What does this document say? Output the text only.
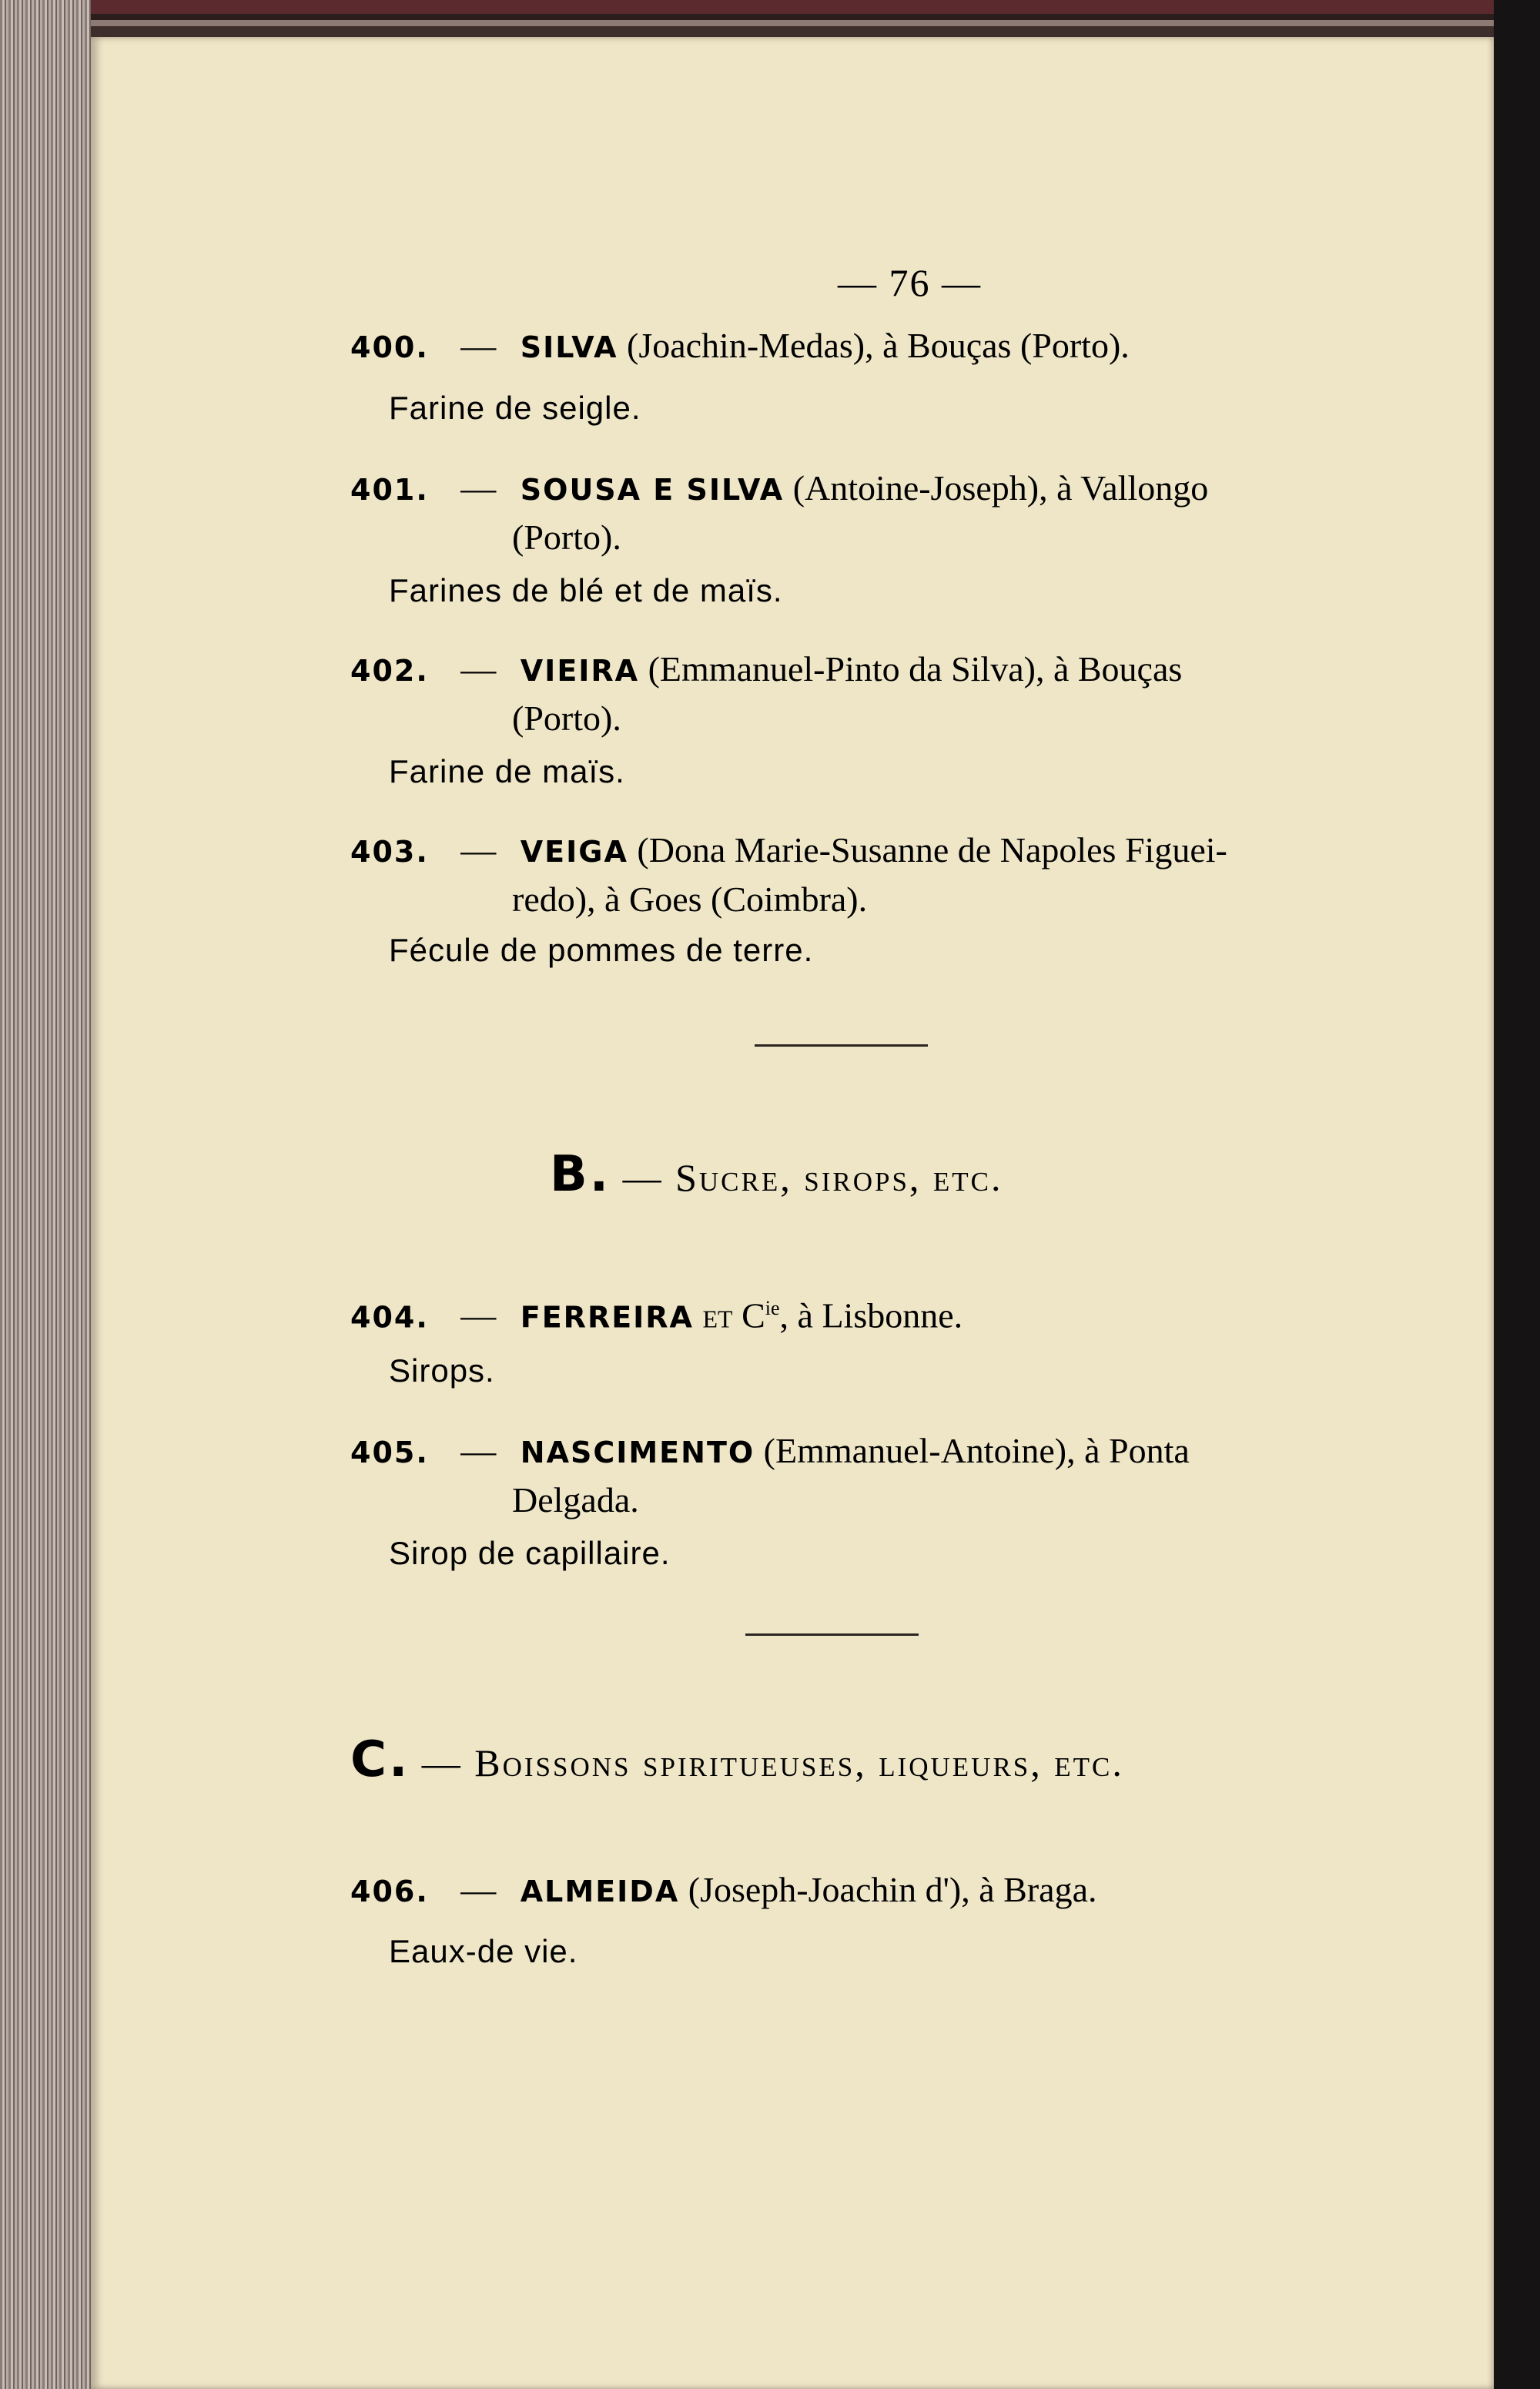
— 76 —
400. — SILVA (Joachin-Medas), à Bouças (Porto).
Farine de seigle.
401. — SOUSA E SILVA (Antoine-Joseph), à Vallongo
(Porto).
Farines de blé et de maïs.
402. — VIEIRA (Emmanuel-Pinto da Silva), à Bouças
(Porto).
Farine de maïs.
403. — VEIGA (Dona Marie-Susanne de Napoles Figuei-
redo), à Goes (Coimbra).
Fécule de pommes de terre.
B. — Sucre, sirops, etc.
404. — FERREIRA et $C^{ie}$, à Lisbonne.
Sirops.
405. — NASCIMENTO (Emmanuel-Antoine), à Ponta
Delgada.
Sirop de capillaire.
C. — Boissons spiritueuses, liqueurs, etc.
406. — ALMEIDA (Joseph-Joachin d'), à Braga.
Eaux-de vie.
